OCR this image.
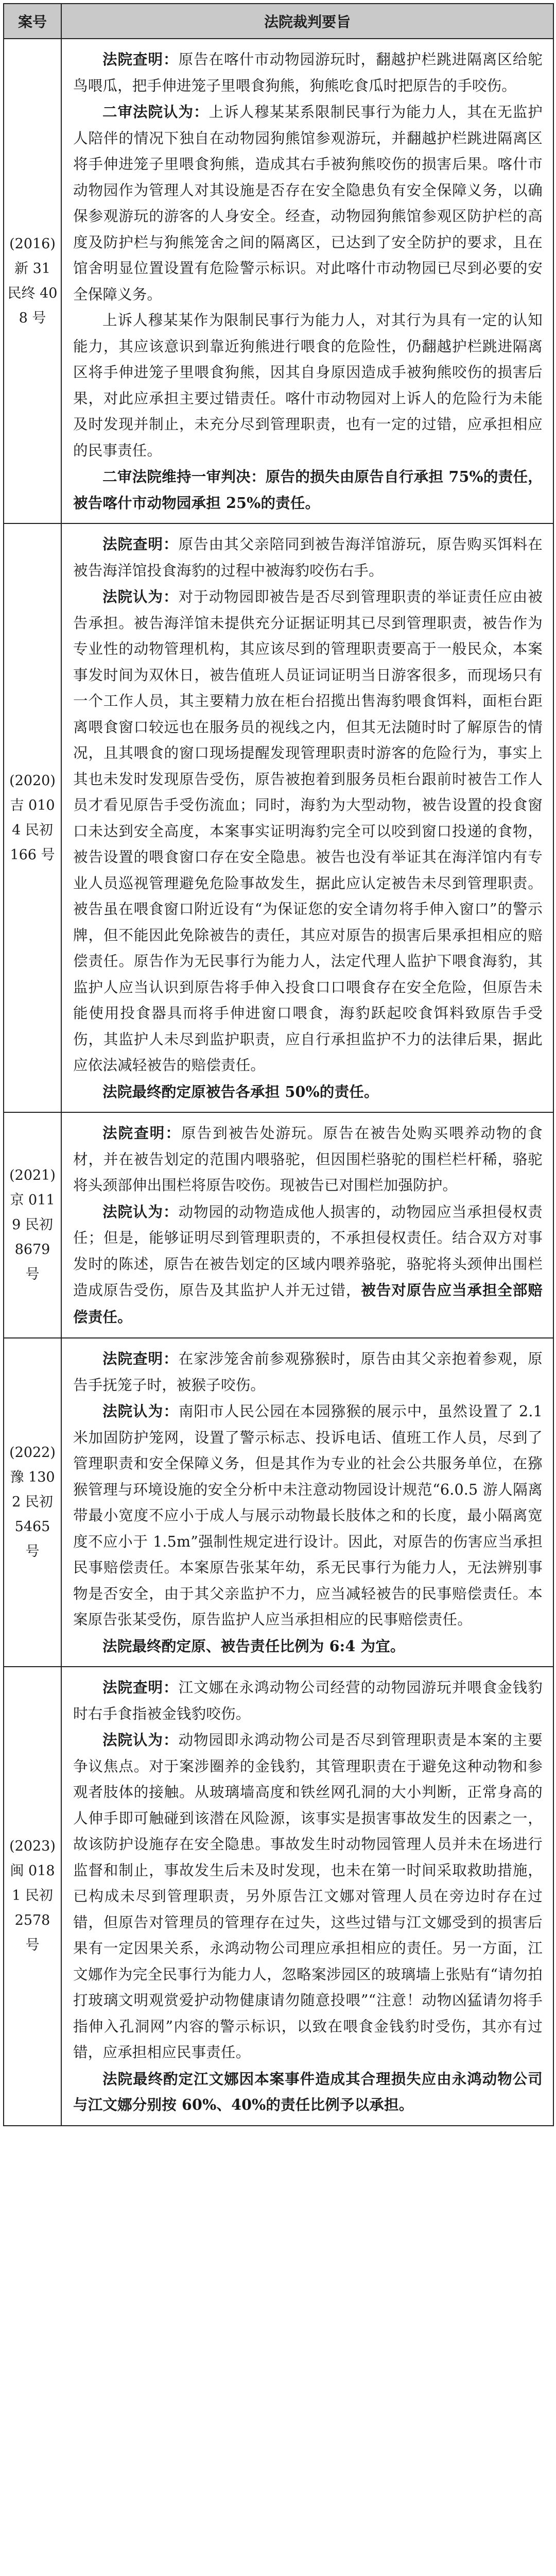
案号	法院裁判要旨
(2016) 新 31 民终 40 8 号	法院查明：原告在喀什市动物园游玩时，翻越护栏跳进隔离区给鸵鸟喂瓜，把手伸进笼子里喂食狗熊，狗熊吃食瓜时把原告的手咬伤。

二审法院认为：上诉人穆某某系限制民事行为能力人，其在无监护人陪伴的情况下独自在动物园狗熊馆参观游玩，并翻越护栏跳进隔离区将手伸进笼子里喂食狗熊，造成其右手被狗熊咬伤的损害后果。喀什市动物园作为管理人对其设施是否存在安全隐患负有安全保障义务，以确保参观游玩的游客的人身安全。经查，动物园狗熊馆参观区防护栏的高度及防护栏与狗熊笼舍之间的隔离区，已达到了安全防护的要求，且在馆舍明显位置设置有危险警示标识。对此喀什市动物园已尽到必要的安全保障义务。

上诉人穆某某作为限制民事行为能力人，对其行为具有一定的认知能力，其应该意识到靠近狗熊进行喂食的危险性，仍翻越护栏跳进隔离区将手伸进笼子里喂食狗熊，因其自身原因造成手被狗熊咬伤的损害后果，对此应承担主要过错责任。喀什市动物园对上诉人的危险行为未能及时发现并制止，未充分尽到管理职责，也有一定的过错，应承担相应的民事责任。

二审法院维持一审判决：原告的损失由原告自行承担 75%的责任，被告喀什市动物园承担 25%的责任。

(2020) 吉 0104 民初 166 号	法院查明：原告由其父亲陪同到被告海洋馆游玩，原告购买饵料在被告海洋馆投食海豹的过程中被海豹咬伤右手。

法院认为：对于动物园即被告是否尽到管理职责的举证责任应由被告承担。被告海洋馆未提供充分证据证明其已尽到管理职责，被告作为专业性的动物管理机构，其应该尽到的管理职责要高于一般民众，本案事发时间为双休日，被告值班人员证词证明当日游客很多，而现场只有一个工作人员，其主要精力放在柜台招揽出售海豹喂食饵料，面柜台距离喂食窗口较远也在服务员的视线之内，但其无法随时时了解原告的情况，且其喂食的窗口现场提醒发现管理职责时游客的危险行为，事实上其也未发时发现原告受伤，原告被抱着到服务员柜台跟前时被告工作人员才看见原告手受伤流血；同时，海豹为大型动物，被告设置的投食窗口未达到安全高度，本案事实证明海豹完全可以咬到窗口投递的食物，被告设置的喂食窗口存在安全隐患。被告也没有举证其在海洋馆内有专业人员巡视管理避免危险事故发生，据此应认定被告未尽到管理职责。被告虽在喂食窗口附近设有“为保证您的安全请勿将手伸入窗口”的警示牌，但不能因此免除被告的责任，其应对原告的损害后果承担相应的赔偿责任。原告作为无民事行为能力人，法定代理人监护下喂食海豹，其监护人应当认识到原告将手伸入投食口口喂食存在安全危险，但原告未能使用投食器具而将手伸进窗口喂食，海豹跃起咬食饵料致原告手受伤，其监护人未尽到监护职责，应自行承担监护不力的法律后果，据此应依法减轻被告的赔偿责任。

法院最终酌定原被告各承担 50%的责任。

(2021) 京 0119 民初 8679 号	法院查明：原告到被告处游玩。原告在被告处购买喂养动物的食材，并在被告划定的范围内喂骆驼，但因围栏骆驼的围栏栏杆稀，骆驼将头颈部伸出围栏将原告咬伤。现被告已对围栏加强防护。

法院认为：动物园的动物造成他人损害的，动物园应当承担侵权责任；但是，能够证明尽到管理职责的，不承担侵权责任。结合双方对事发时的陈述，原告在被告划定的区域内喂养骆驼，骆驼将头颈伸出围栏造成原告受伤，原告及其监护人并无过错，被告对原告应当承担全部赔偿责任。

(2022) 豫 1302 民初 5465 号	法院查明：在家涉笼舍前参观猕猴时，原告由其父亲抱着参观，原告手抚笼子时，被猴子咬伤。

法院认为：南阳市人民公园在本园猕猴的展示中，虽然设置了 2.1 米加固防护笼网，设置了警示标志、投诉电话、值班工作人员，尽到了管理职责和安全保障义务，但是其作为专业的社会公共服务单位，在猕猴管理与环境设施的安全分析中未注意动物园设计规范“6.0.5 游人隔离带最小宽度不应小于成人与展示动物最长肢体之和的长度，最小隔离宽度不应小于 1.5m”强制性规定进行设计。因此，对原告的伤害应当承担民事赔偿责任。本案原告张某年幼，系无民事行为能力人，无法辨别事物是否安全，由于其父亲监护不力，应当减轻被告的民事赔偿责任。本案原告张某受伤，原告监护人应当承担相应的民事赔偿责任。

法院最终酌定原、被告责任比例为 6:4 为宜。

(2023) 闽 0181 民初 2578 号	法院查明：江文娜在永鸿动物公司经营的动物园游玩并喂食金钱豹时右手食指被金钱豹咬伤。

法院认为：动物园即永鸿动物公司是否尽到管理职责是本案的主要争议焦点。对于案涉圈养的金钱豹，其管理职责在于避免这种动物和参观者肢体的接触。从玻璃墙高度和铁丝网孔洞的大小判断，正常身高的人伸手即可触碰到该潜在风险源，该事实是损害事故发生的因素之一，故该防护设施存在安全隐患。事故发生时动物园管理人员并未在场进行监督和制止，事故发生后未及时发现，也未在第一时间采取救助措施，已构成未尽到管理职责，另外原告江文娜对管理人员在旁边时存在过错，但原告对管理员的管理存在过失，这些过错与江文娜受到的损害后果有一定因果关系，永鸿动物公司理应承担相应的责任。另一方面，江文娜作为完全民事行为能力人，忽略案涉园区的玻璃墙上张贴有“请勿拍打玻璃文明观赏爱护动物健康请勿随意投喂”“注意！动物凶猛请勿将手指伸入孔洞网”内容的警示标识，以致在喂食金钱豹时受伤，其亦有过错，应承担相应民事责任。

法院最终酌定江文娜因本案事件造成其合理损失应由永鸿动物公司与江文娜分别按 60%、40%的责任比例予以承担。
